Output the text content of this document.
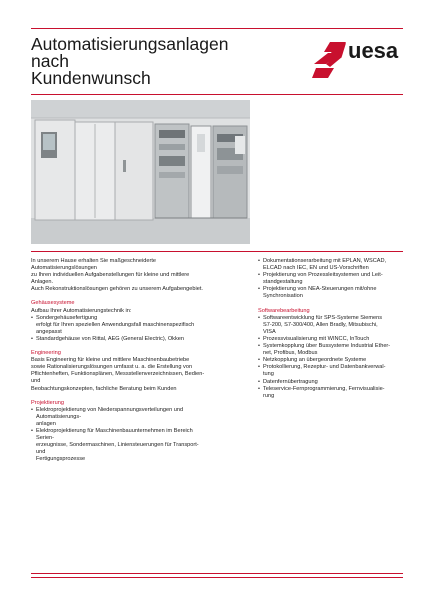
Automatisierungsanlagen
nach
Kundenwunsch
uesa

In unserem Hause erhalten Sie maßgeschneiderte Automatisierungslösungen

zu Ihren individuellen Aufgabenstellungen für kleine und mittlere Anlagen.

Auch Rekonstruktionslösungen gehören zu unserem Aufgabengebiet.

Gehäusesysteme

Aufbau Ihrer Automatisierungstechnik in:

• Sondergehäusefertigung

erfolgt für Ihren speziellen Anwendungsfall maschinenspezifisch angepasst

• Standardgehäuse von Rittal, AEG (General Electric), Okken

Engineering

Basis Engineering für kleine und mittlere Maschinenbaubetriebe

sowie Rationalisierungslösungen umfasst u. a. die Erstellung von

Pflichtenheften, Funktionsplänen, Messstellenverzeichnissen, Bedien- und

Beobachtungskonzepten, fachliche Beratung beim Kunden

Projektierung

• Elektroprojektierung von Niederspannungsverteilungen und Automatisierungs-

anlagen

• Elektroprojektierung für Maschinenbauunternehmen im Bereich Serien-

erzeugnisse, Sondermaschinen, Liniensteuerungen für Transport- und

Fertigungsprozesse

• Dokumentationserarbeitung mit EPLAN, WSCAD,

ELCAD nach IEC, EN und US-Vorschriften

• Projektierung von Prozessleitsystemen und Leit-

standgestaltung

• Projektierung von NEA-Steuerungen mit/ohne

Synchronisation

Softwarebearbeitung

• Softwareentwicklung für SPS-Systeme Siemens

S7-200, S7-300/400, Allen Bradly, Mitsubischi,

VISA

• Prozessvisualisierung mit WINCC, InTouch

• Systemkopplung über Bussysteme Industrial Ether-

net, Profibus, Modbus

• Netzkopplung an übergeordnete Systeme

• Protokollierung, Rezeptur- und Datenbankverwal-

tung

• Datenfernübertragung

• Teleservice-Fernprogrammierung, Fernvisualisie-

rung
